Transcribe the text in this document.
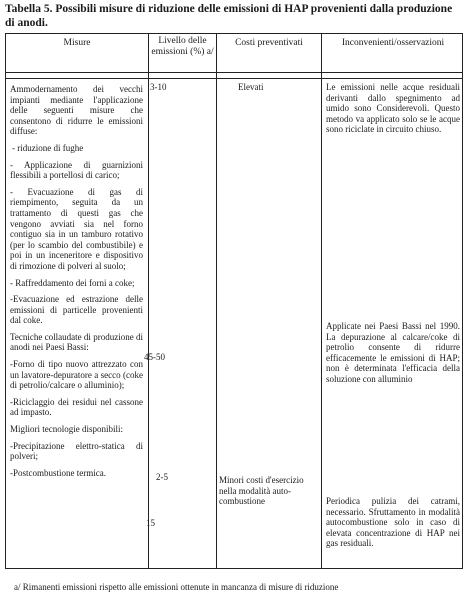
Tabella 5. Possibili misure di riduzione delle emissioni di HAP provenienti dalla produzione di anodi.
Misure	Livello delle emissioni (%) a/
Costi preventivati	Inconvenienti/osservazioni

Ammodernamento dei vecchi impianti mediante l'applicazione delle seguenti misure che consentono di ridurre le emissioni diffuse:

- riduzione di fughe

- Applicazione di guarnizioni flessibili a portellosi di carico;

- Evacuazione di gas di riempimento, seguita da un trattamento di questi gas che vengono avviati sia nel forno contiguo sia in un tamburo rotativo (per lo scambio del combustibile) e poi in un inceneritore e dispositivo di rimozione di polveri al suolo;

- Raffreddamento dei forni a coke;

-Evacuazione ed estrazione delle emissioni di particelle provenienti dal coke.

Tecniche collaudate di produzione di anodi nei Paesi Bassi:

-Forno di tipo nuovo attrezzato con un lavatore-depuratore a secco (coke di petrolio/calcare o alluminio);

-Riciclaggio dei residui nel cassone ad impasto.

Migliori tecnologie disponibili:

-Precipitazione elettro-statica di polveri;

-Postcombustione termica.

3-10
45-50
2-5
15
Elevati
Minori costi d'esercizio nella modalità auto-combustione
Le emissioni nelle acque residuali derivanti dallo spegnimento ad umido sono Considerevoli. Questo metodo va applicato solo se le acque sono riciclate in circuito chiuso.
Applicate nei Paesi Bassi nel 1990. La depurazione al calcare/coke di petrolio consente di ridurre efficacemente le emissioni di HAP; non è determinata l'efficacia della soluzione con alluminio
Periodica pulizia dei catrami, necessario. Sfruttamento in modalità autocombustione solo in caso di elevata concentrazione di HAP nei gas residuali.
a/ Rimanenti emissioni rispetto alle emissioni ottenute in mancanza di misure di riduzione
